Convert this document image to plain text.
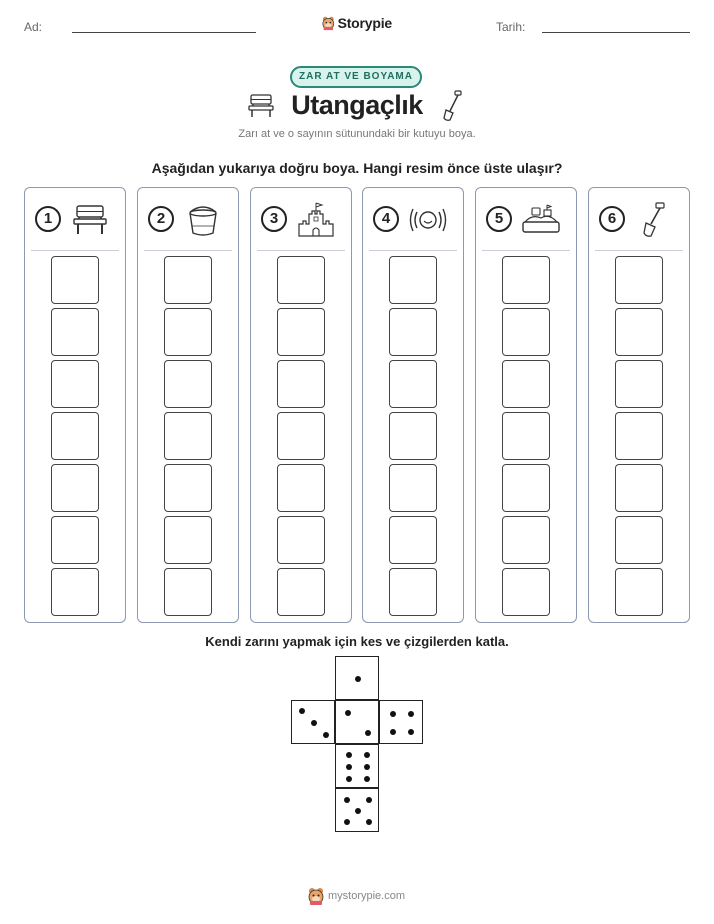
Ad:	Storypie	Tarih:
ZAR AT VE BOYAMA
Utangaçlık
Zarı at ve o sayının sütunundaki bir kutuyu boya.
Aşağıdan yukarıya doğru boya. Hangi resim önce üste ulaşır?
1	2	3	4	5	6
Kendi zarını yapmak için kes ve çizgilerden katla.
mystorypie.com
